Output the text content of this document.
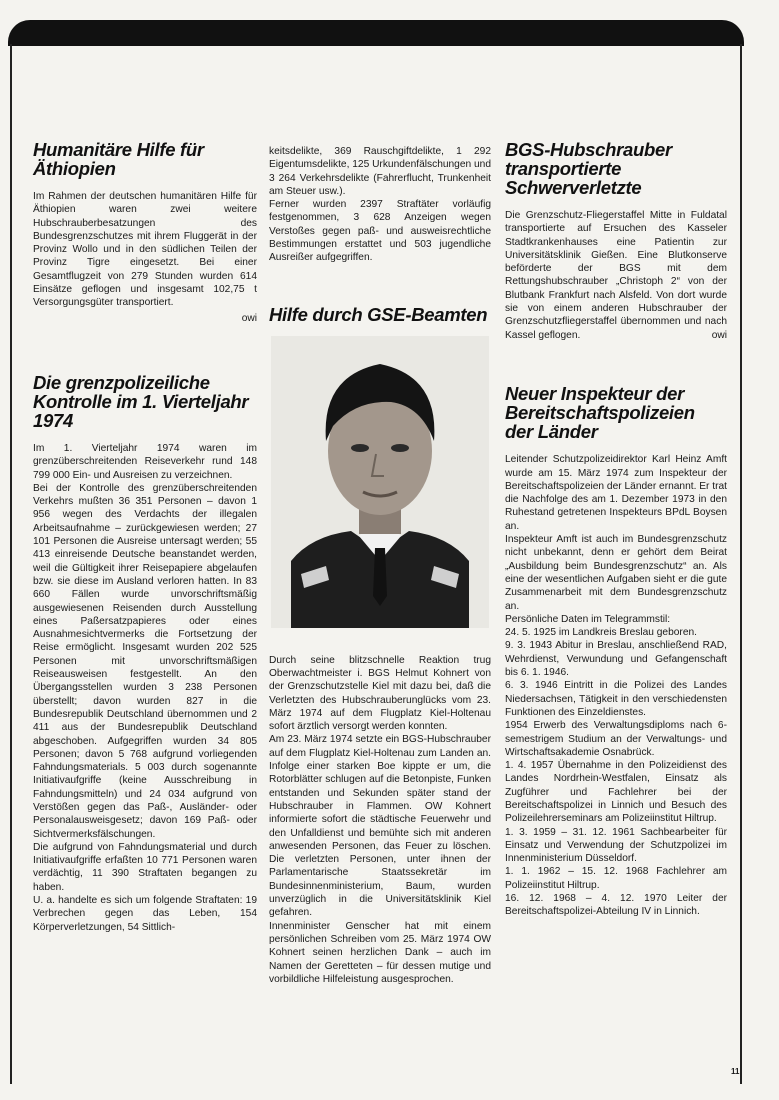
Humanitäre Hilfe für Äthiopien

Im Rahmen der deutschen humanitären Hilfe für Äthiopien waren zwei weitere Hubschrauberbesatzungen des Bundesgrenzschutzes mit ihrem Fluggerät in der Provinz Wollo und in den südlichen Teilen der Provinz Tigre eingesetzt. Bei einer Gesamtflugzeit von 279 Stunden wurden 614 Einsätze geflogen und insgesamt 102,75 t Versorgungsgüter transportiert.

owi

Die grenzpolizeiliche Kontrolle im 1. Vierteljahr 1974

Im 1. Vierteljahr 1974 waren im grenzüberschreitenden Reiseverkehr rund 148 799 000 Ein- und Ausreisen zu verzeichnen.

Bei der Kontrolle des grenzüberschreitenden Verkehrs mußten 36 351 Personen – davon 1 956 wegen des Verdachts der illegalen Arbeitsaufnahme – zurückgewiesen werden; 27 101 Personen die Ausreise untersagt werden; 55 413 einreisende Deutsche beanstandet werden, weil die Gültigkeit ihrer Reisepapiere abgelaufen bzw. sie diese im Ausland verloren hatten. In 83 660 Fällen wurde unvorschriftsmäßig ausgewiesenen Reisenden durch Ausstellung eines Paßersatzpapieres oder eines Ausnahmesichtvermerks die Fortsetzung der Reise ermöglicht. Insgesamt wurden 202 525 Personen mit unvorschriftsmäßigen Reiseausweisen festgestellt. An den Übergangsstellen wurden 3 238 Personen überstellt; davon wurden 827 in die Bundesrepublik Deutschland übernommen und 2 411 aus der Bundesrepublik Deutschland abgeschoben. Aufgegriffen wurden 34 805 Personen; davon 5 768 aufgrund vorliegenden Fahndungsmaterials. 5 003 durch sogenannte Initiativaufgriffe (keine Ausschreibung in Fahndungsmitteln) und 24 034 aufgrund von Verstößen gegen das Paß-, Ausländer- oder Personalausweisgesetz; davon 169 Paß- oder Sichtvermerksfälschungen.

Die aufgrund von Fahndungsmaterial und durch Initiativaufgriffe erfaßten 10 771 Personen waren verdächtig, 11 390 Straftaten begangen zu haben.

U. a. handelte es sich um folgende Straftaten: 19 Verbrechen gegen das Leben, 154 Körperverletzungen, 54 Sittlich-

keitsdelikte, 369 Rauschgiftdelikte, 1 292 Eigentumsdelikte, 125 Urkundenfälschungen und 3 264 Verkehrsdelikte (Fahrerflucht, Trunkenheit am Steuer usw.).

Ferner wurden 2397 Straftäter vorläufig festgenommen, 3 628 Anzeigen wegen Verstoßes gegen paß- und ausweisrechtliche Bestimmungen erstattet und 503 jugendliche Ausreißer aufgegriffen.

Hilfe durch GSE-Beamten

Durch seine blitzschnelle Reaktion trug Oberwachtmeister i. BGS Helmut Kohnert von der Grenzschutzstelle Kiel mit dazu bei, daß die Verletzten des Hubschrauberunglücks vom 23. März 1974 auf dem Flugplatz Kiel-Holtenau sofort ärztlich versorgt werden konnten.

Am 23. März 1974 setzte ein BGS-Hubschrauber auf dem Flugplatz Kiel-Holtenau zum Landen an. Infolge einer starken Boe kippte er um, die Rotorblätter schlugen auf die Betonpiste, Funken entstanden und Sekunden später stand der Hubschrauber in Flammen. OW Kohnert informierte sofort die städtische Feuerwehr und den Unfalldienst und bemühte sich mit anderen anwesenden Personen, das Feuer zu löschen. Die verletzten Personen, unter ihnen der Parlamentarische Staatssekretär im Bundesinnenministerium, Baum, wurden unverzüglich in die Universitätsklinik Kiel gefahren.

Innenminister Genscher hat mit einem persönlichen Schreiben vom 25. März 1974 OW Kohnert seinen herzlichen Dank – auch im Namen der Geretteten – für dessen mutige und vorbildliche Hilfeleistung ausgesprochen.

BGS-Hubschrauber transportierte Schwerverletzte

Die Grenzschutz-Fliegerstaffel Mitte in Fuldatal transportierte auf Ersuchen des Kasseler Stadtkrankenhauses eine Patientin zur Universitätsklinik Gießen. Eine Blutkonserve beförderte der BGS mit dem Rettungshubschrauber „Christoph 2“ von der Blutbank Frankfurt nach Alsfeld. Von dort wurde sie von einem anderen Hubschrauber der Grenzschutzfliegerstaffel übernommen und nach Kassel geflogen.	owi

Neuer Inspekteur der Bereitschaftspolizeien der Länder

Leitender Schutzpolizeidirektor Karl Heinz Amft wurde am 15. März 1974 zum Inspekteur der Bereitschaftspolizeien der Länder ernannt. Er trat die Nachfolge des am 1. Dezember 1973 in den Ruhestand getretenen Inspekteurs BPdL Boysen an.

Inspekteur Amft ist auch im Bundesgrenzschutz nicht unbekannt, denn er gehört dem Beirat „Ausbildung beim Bundesgrenzschutz“ an. Als eine der wesentlichen Aufgaben sieht er die gute Zusammenarbeit mit dem Bundesgrenzschutz an.

Persönliche Daten im Telegrammstil:

24. 5. 1925 im Landkreis Breslau geboren.

9. 3. 1943 Abitur in Breslau, anschließend RAD, Wehrdienst, Verwundung und Gefangenschaft bis 6. 1. 1946.

6. 3. 1946 Eintritt in die Polizei des Landes Niedersachsen, Tätigkeit in den verschiedensten Funktionen des Einzeldienstes.

1954 Erwerb des Verwaltungsdiploms nach 6-semestrigem Studium an der Verwaltungs- und Wirtschaftsakademie Osnabrück.

1. 4. 1957 Übernahme in den Polizeidienst des Landes Nordrhein-Westfalen, Einsatz als Zugführer und Fachlehrer bei der Bereitschaftspolizei in Linnich und Besuch des Polizeilehrerseminars am Polizeiinstitut Hiltrup.

1. 3. 1959 – 31. 12. 1961 Sachbearbeiter für Einsatz und Verwendung der Schutzpolizei im Innenministerium Düsseldorf.

1. 1. 1962 – 15. 12. 1968 Fachlehrer am Polizeiinstitut Hiltrup.

16. 12. 1968 – 4. 12. 1970 Leiter der Bereitschaftspolizei-Abteilung IV in Linnich.

11
